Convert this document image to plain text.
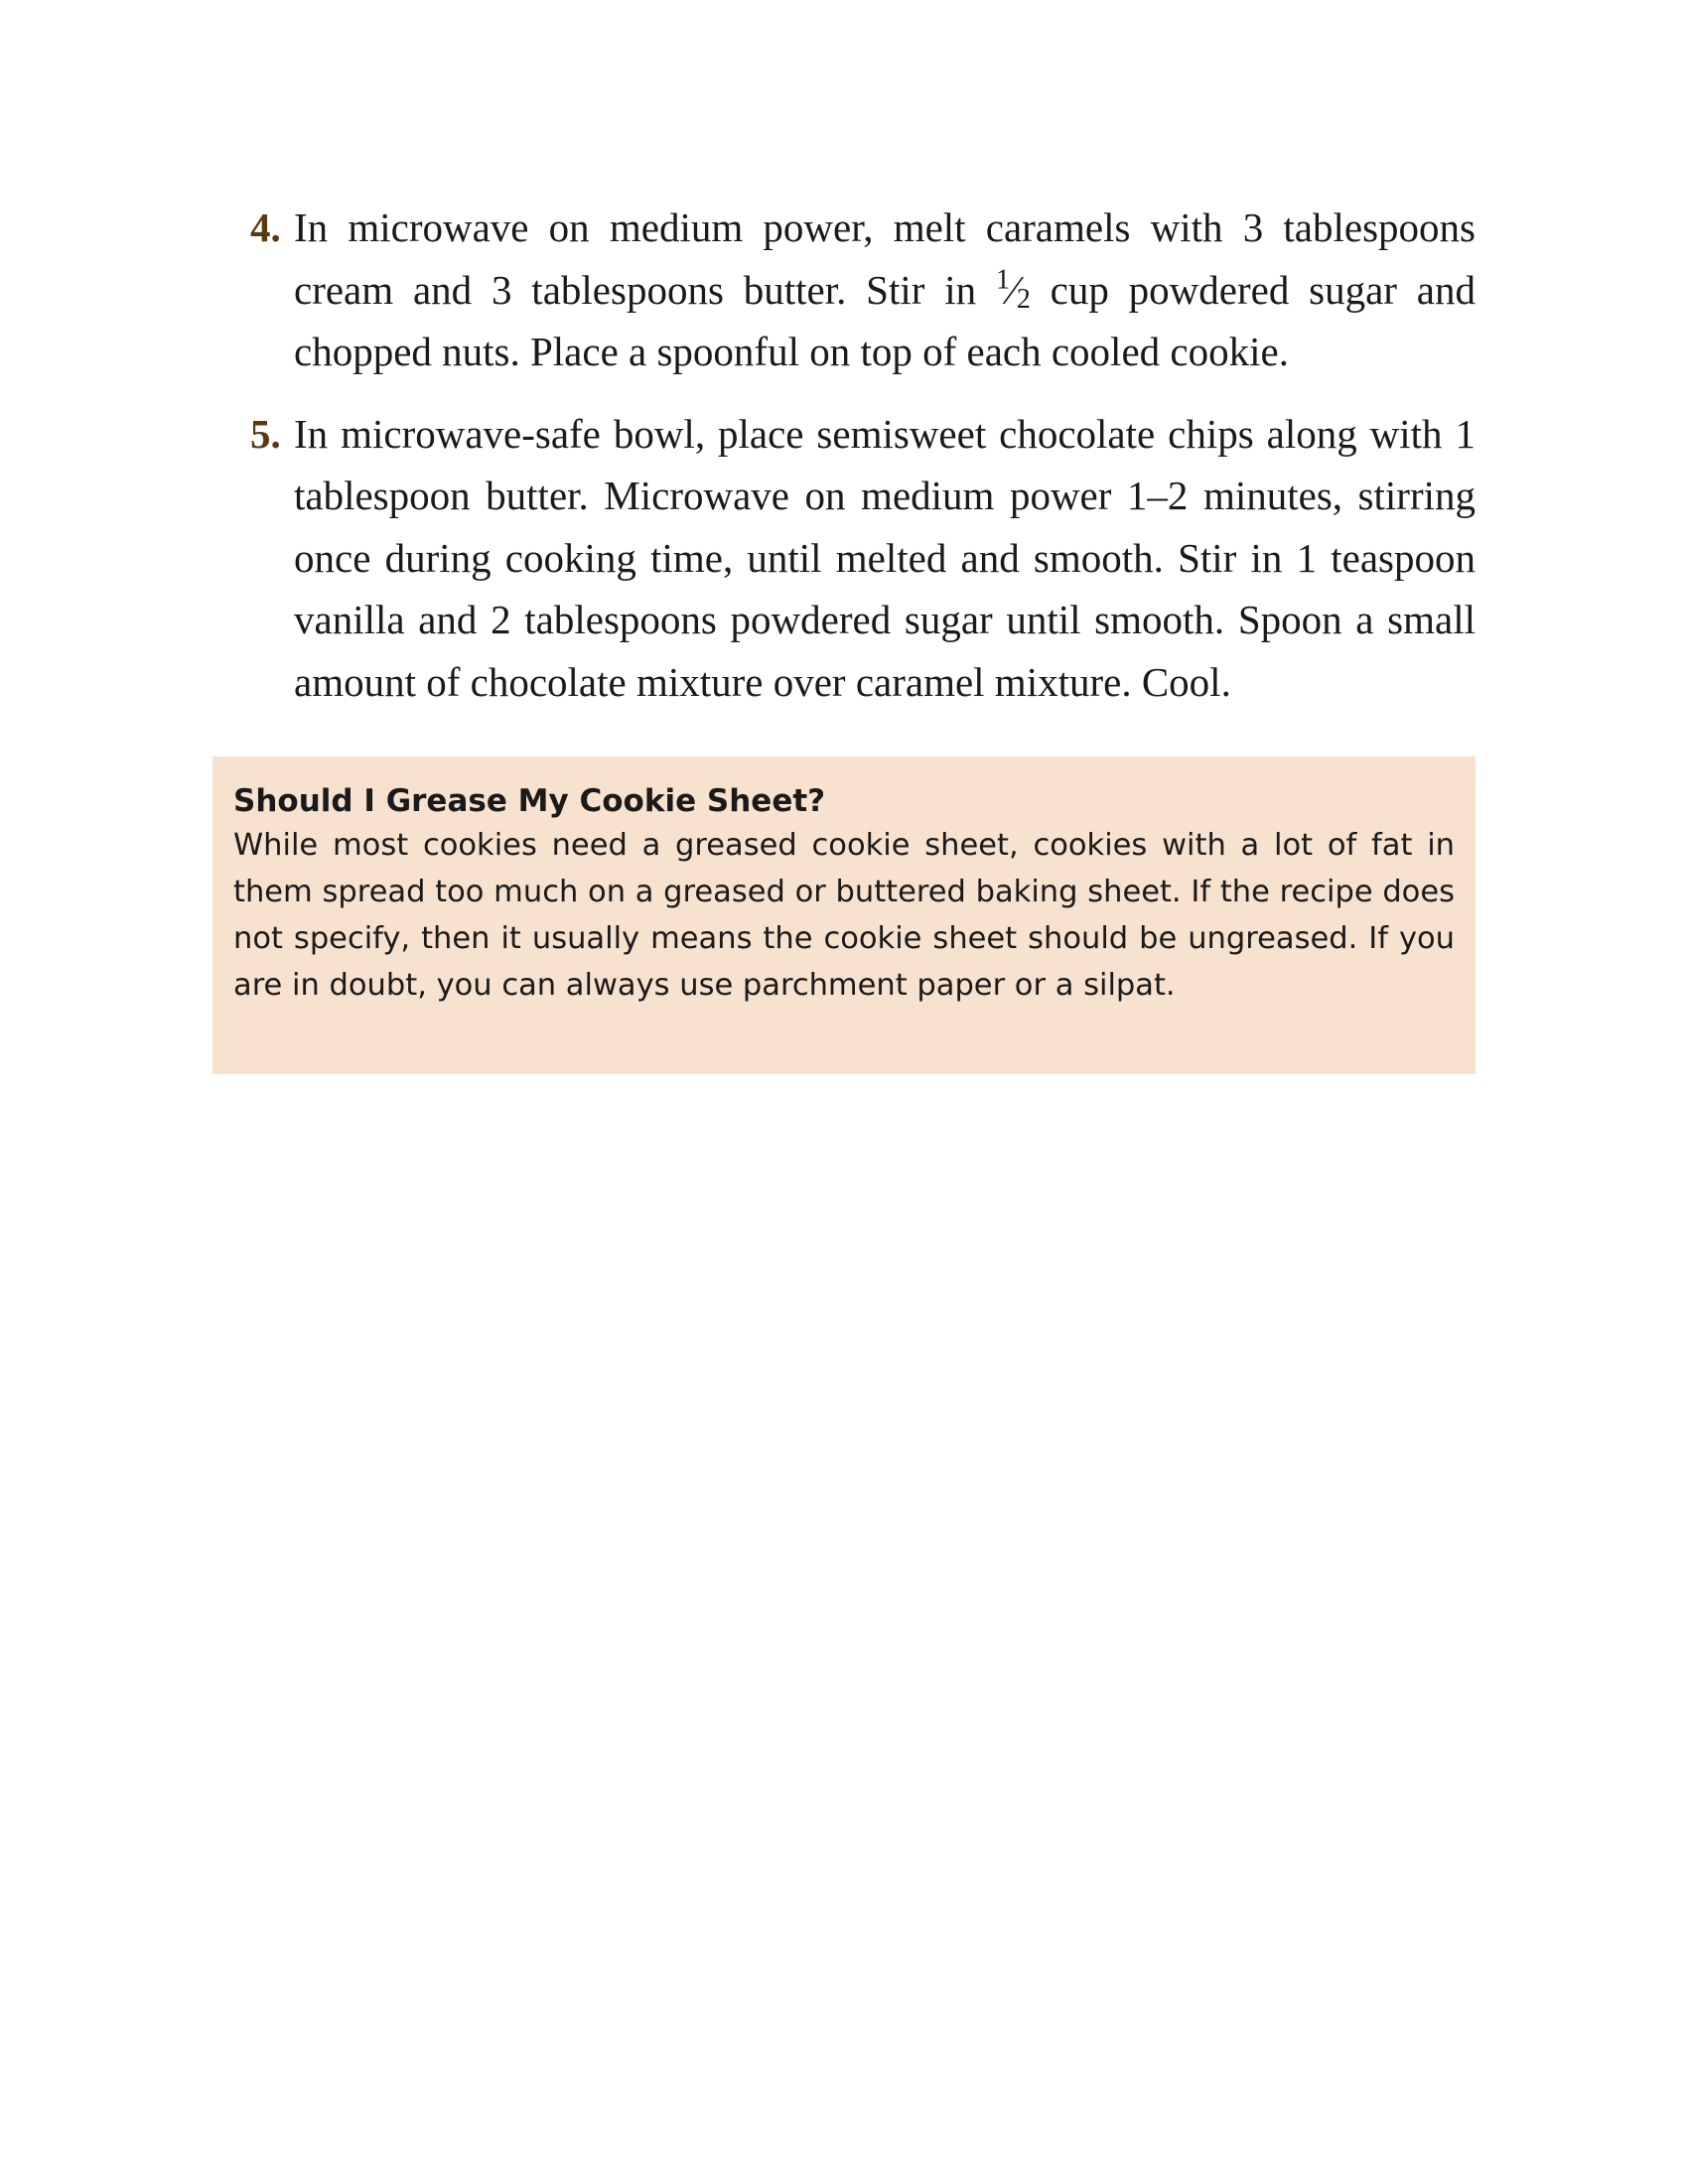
4. In microwave on medium power, melt caramels with 3 tablespoons cream and 3 tablespoons butter. Stir in $^1⁄_2$ cup powdered sugar and chopped nuts. Place a spoonful on top of each cooled cookie.
5. In microwave-safe bowl, place semisweet chocolate chips along with 1 tablespoon butter. Microwave on medium power 1–2 minutes, stirring once during cooking time, until melted and smooth. Stir in 1 teaspoon vanilla and 2 tablespoons powdered sugar until smooth. Spoon a small amount of chocolate mixture over caramel mixture. Cool.

Should I Grease My Cookie Sheet?

While most cookies need a greased cookie sheet, cookies with a lot of fat in them spread too much on a greased or buttered baking sheet. If the recipe does not specify, then it usually means the cookie sheet should be ungreased. If you are in doubt, you can always use parchment paper or a silpat.
